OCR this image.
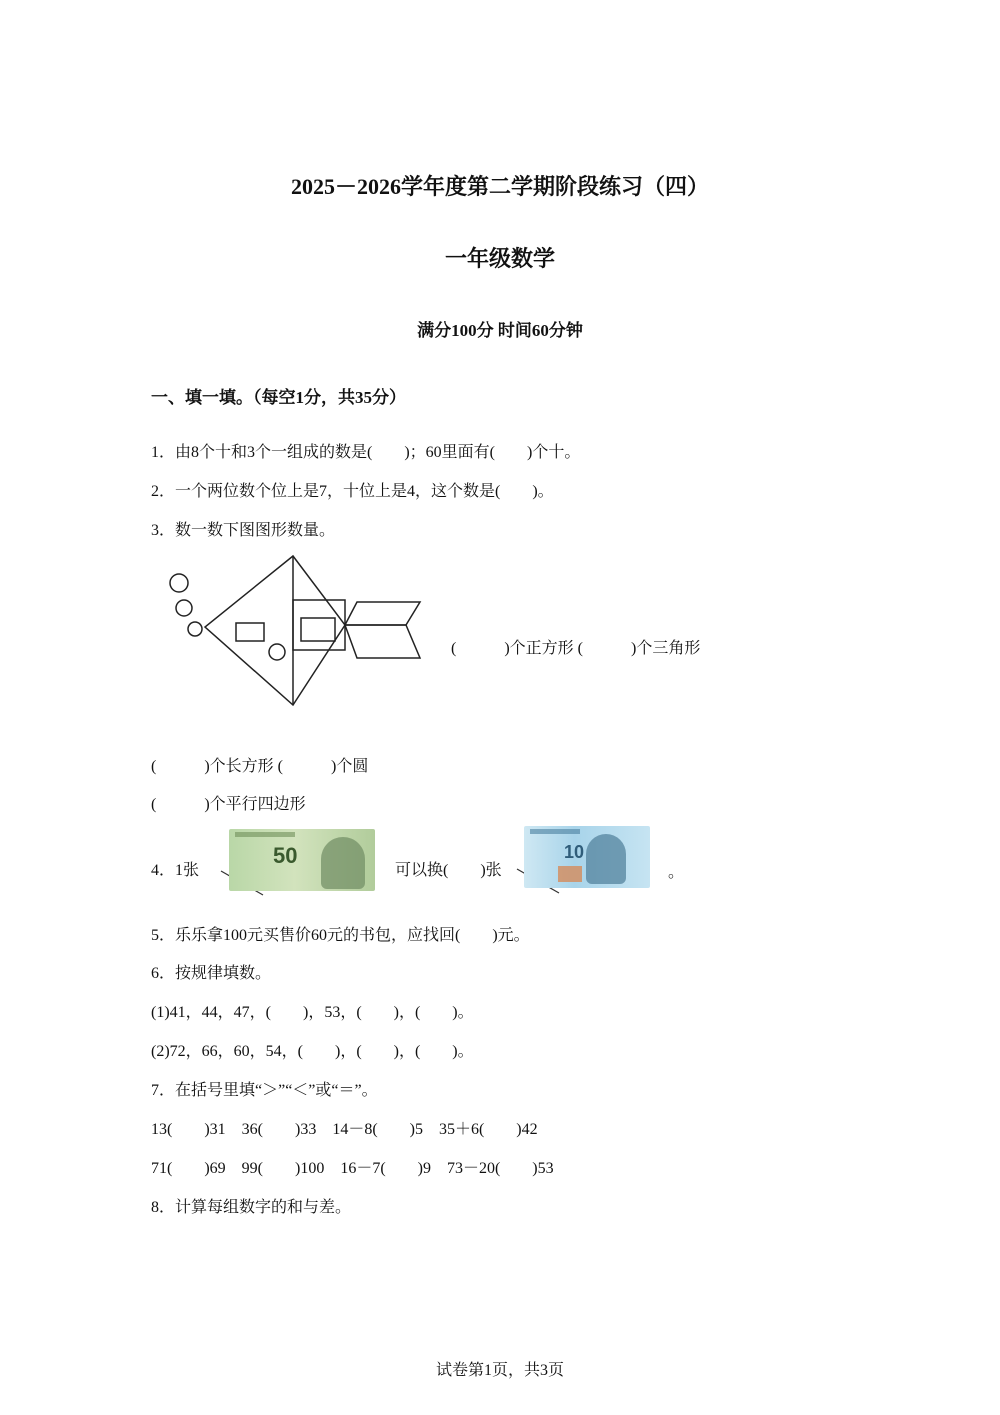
2025－2026学年度第二学期阶段练习（四）
一年级数学
满分100分 时间60分钟
一、填一填。（每空1分，共35分）
1．由8个十和3个一组成的数是(　　)；60里面有(　　)个十。
2．一个两位数个位上是7，十位上是4，这个数是(　　)。
3．数一数下图图形数量。
(　　　)个正方形 (　　　)个三角形
(　　　)个长方形 (　　　)个圆
(　　　)个平行四边形
4．1张
50
可以换(　　)张
10
。
5．乐乐拿100元买售价60元的书包，应找回(　　)元。
6．按规律填数。
(1)41，44，47，(　　)，53，(　　)，(　　)。
(2)72，66，60，54，(　　)，(　　)，(　　)。
7．在括号里填“＞”“＜”或“＝”。
13(　　)31　36(　　)33　14－8(　　)5　35＋6(　　)42
71(　　)69　99(　　)100　16－7(　　)9　73－20(　　)53
8．计算每组数字的和与差。
试卷第1页，共3页
